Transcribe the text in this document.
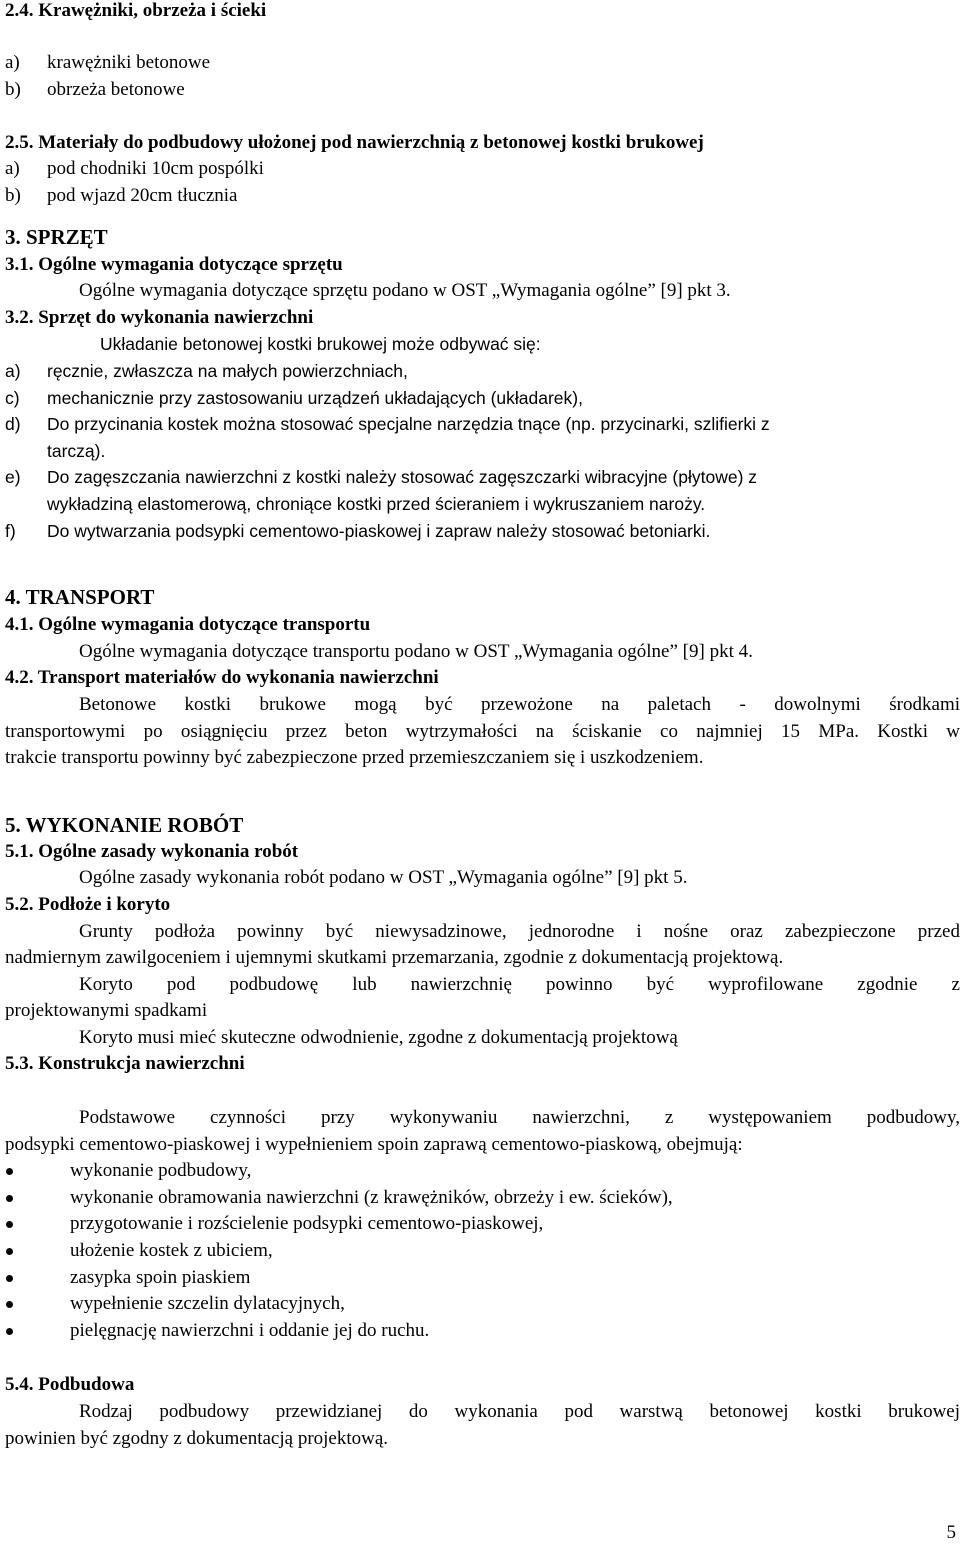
2.4. Krawężniki, obrzeża i ścieki
a) krawężniki betonowe
b) obrzeża betonowe
2.5. Materiały do podbudowy ułożonej pod nawierzchnią z betonowej kostki brukowej
a) pod chodniki 10cm pospólki
b) pod wjazd 20cm tłucznia
3. SPRZĘT
3.1. Ogólne wymagania dotyczące sprzętu
Ogólne wymagania dotyczące sprzętu podano w OST „Wymagania ogólne” [9] pkt 3.
3.2. Sprzęt do wykonania nawierzchni
Układanie betonowej kostki brukowej może odbywać się:
a) ręcznie, zwłaszcza na małych powierzchniach,
c) mechanicznie przy zastosowaniu urządzeń układających (układarek),
d) Do przycinania kostek można stosować specjalne narzędzia tnące (np. przycinarki, szlifierki z
tarczą).
e) Do zagęszczania nawierzchni z kostki należy stosować zagęszczarki wibracyjne (płytowe) z
wykładziną elastomerową, chroniące kostki przed ścieraniem i wykruszaniem naroży.
f) Do wytwarzania podsypki cementowo-piaskowej i zapraw należy stosować betoniarki.
4. TRANSPORT
4.1. Ogólne wymagania dotyczące transportu
Ogólne wymagania dotyczące transportu podano w OST „Wymagania ogólne” [9] pkt 4.
4.2. Transport materiałów do wykonania nawierzchni
Betonowe kostki brukowe mogą być przewożone na paletach - dowolnymi środkami
transportowymi po osiągnięciu przez beton wytrzymałości na ściskanie co najmniej 15 MPa. Kostki w
trakcie transportu powinny być zabezpieczone przed przemieszczaniem się i uszkodzeniem.
5. WYKONANIE ROBÓT
5.1. Ogólne zasady wykonania robót
Ogólne zasady wykonania robót podano w OST „Wymagania ogólne” [9] pkt 5.
5.2. Podłoże i koryto
Grunty podłoża powinny być niewysadzinowe, jednorodne i nośne oraz zabezpieczone przed
nadmiernym zawilgoceniem i ujemnymi skutkami przemarzania, zgodnie z dokumentacją projektową.
Koryto pod podbudowę lub nawierzchnię powinno być wyprofilowane zgodnie z
projektowanymi spadkami
Koryto musi mieć skuteczne odwodnienie, zgodne z dokumentacją projektową
5.3. Konstrukcja nawierzchni
Podstawowe czynności przy wykonywaniu nawierzchni, z występowaniem podbudowy,
podsypki cementowo-piaskowej i wypełnieniem spoin zaprawą cementowo-piaskową, obejmują:
wykonanie podbudowy,
wykonanie obramowania nawierzchni (z krawężników, obrzeży i ew. ścieków),
przygotowanie i rozścielenie podsypki cementowo-piaskowej,
ułożenie kostek z ubiciem,
zasypka spoin piaskiem
wypełnienie szczelin dylatacyjnych,
pielęgnację nawierzchni i oddanie jej do ruchu.
5.4. Podbudowa
Rodzaj podbudowy przewidzianej do wykonania pod warstwą betonowej kostki brukowej
powinien być zgodny z dokumentacją projektową.
5
